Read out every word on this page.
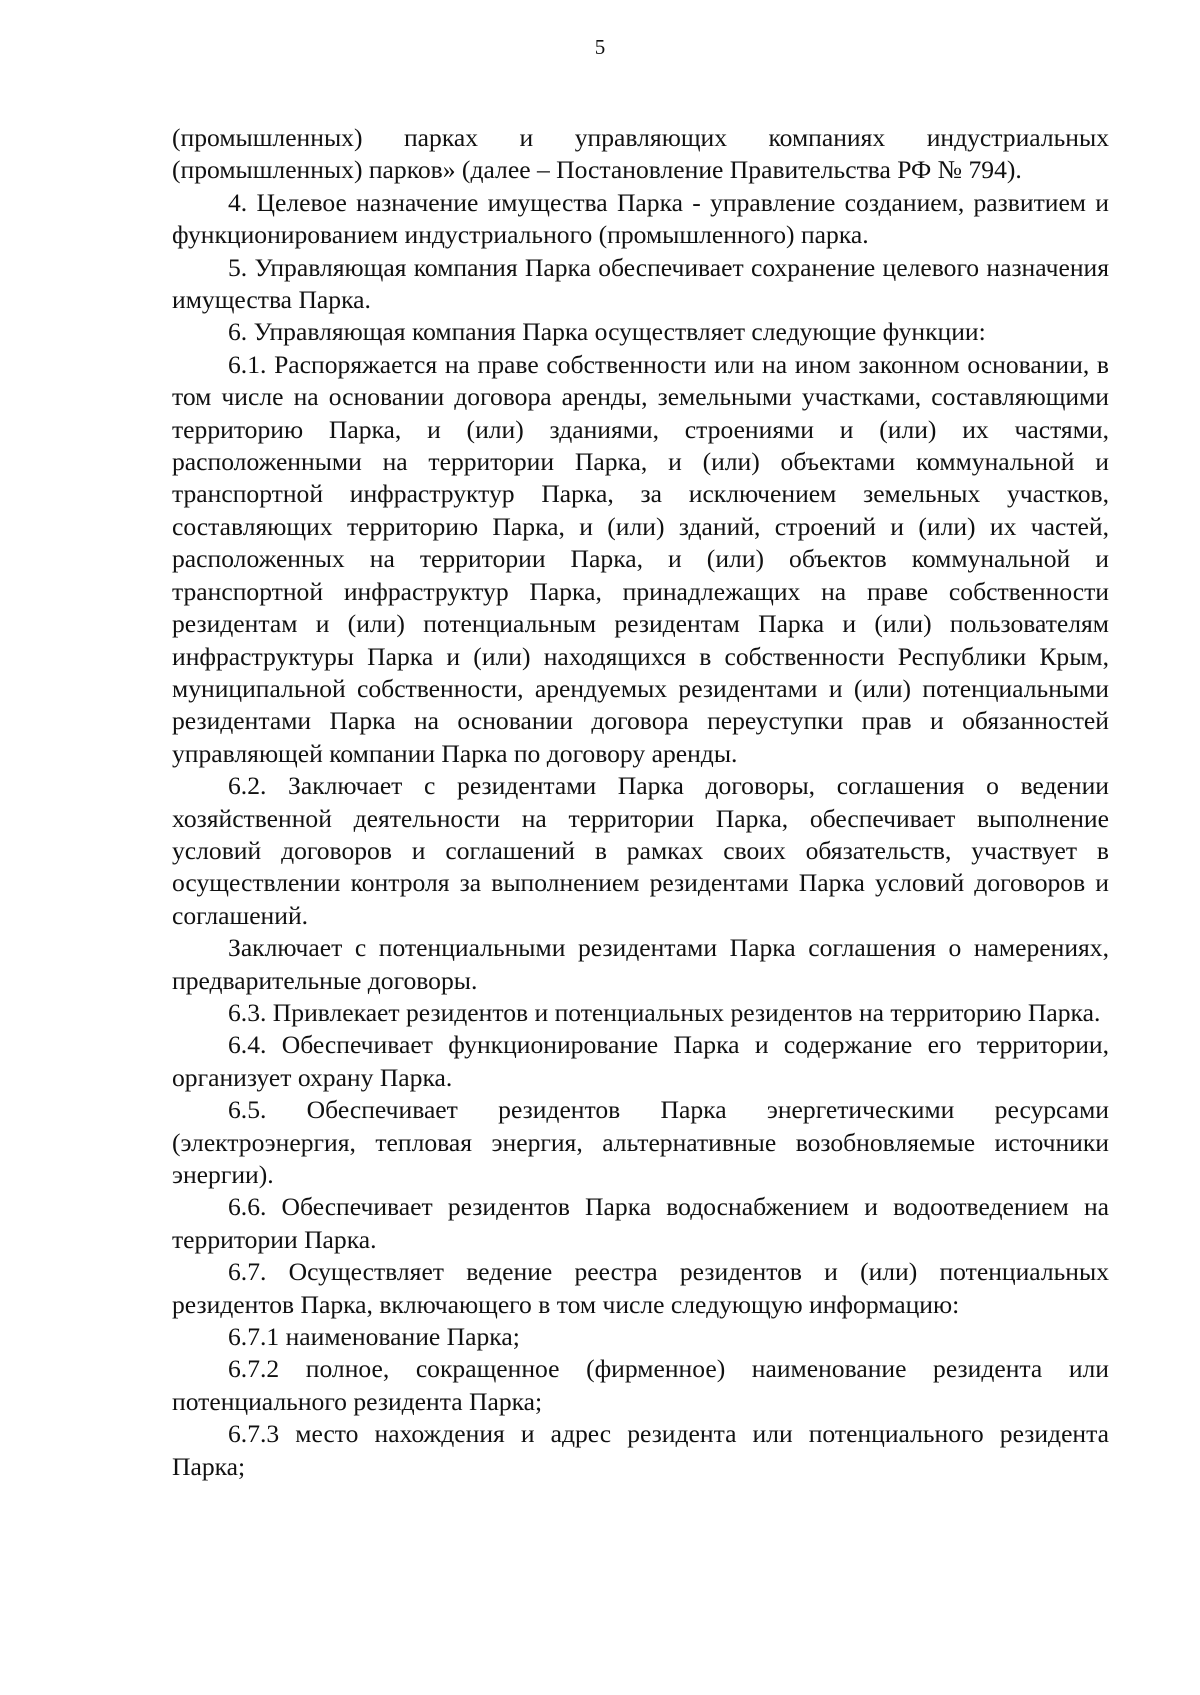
5

(промышленных) парках и управляющих компаниях индустриальных (промышленных) парков» (далее – Постановление Правительства РФ № 794).

4. Целевое назначение имущества Парка - управление созданием, развитием и функционированием индустриального (промышленного) парка.

5. Управляющая компания Парка обеспечивает сохранение целевого назначения имущества Парка.

6. Управляющая компания Парка осуществляет следующие функции:

6.1. Распоряжается на праве собственности или на ином законном основании, в том числе на основании договора аренды, земельными участками, составляющими территорию Парка, и (или) зданиями, строениями и (или) их частями, расположенными на территории Парка, и (или) объектами коммунальной и транспортной инфраструктур Парка, за исключением земельных участков, составляющих территорию Парка, и (или) зданий, строений и (или) их частей, расположенных на территории Парка, и (или) объектов коммунальной и транспортной инфраструктур Парка, принадлежащих на праве собственности резидентам и (или) потенциальным резидентам Парка и (или) пользователям инфраструктуры Парка и (или) находящихся в собственности Республики Крым, муниципальной собственности, арендуемых резидентами и (или) потенциальными резидентами Парка на основании договора переуступки прав и обязанностей управляющей компании Парка по договору аренды.

6.2. Заключает с резидентами Парка договоры, соглашения о ведении хозяйственной деятельности на территории Парка, обеспечивает выполнение условий договоров и соглашений в рамках своих обязательств, участвует в осуществлении контроля за выполнением резидентами Парка условий договоров и соглашений.

Заключает с потенциальными резидентами Парка соглашения о намерениях, предварительные договоры.

6.3. Привлекает резидентов и потенциальных резидентов на территорию Парка.

6.4. Обеспечивает функционирование Парка и содержание его территории, организует охрану Парка.

6.5. Обеспечивает резидентов Парка энергетическими ресурсами (электроэнергия, тепловая энергия, альтернативные возобновляемые источники энергии).

6.6. Обеспечивает резидентов Парка водоснабжением и водоотведением на территории Парка.

6.7. Осуществляет ведение реестра резидентов и (или) потенциальных резидентов Парка, включающего в том числе следующую информацию:

6.7.1 наименование Парка;

6.7.2 полное, сокращенное (фирменное) наименование резидента или потенциального резидента Парка;

6.7.3 место нахождения и адрес резидента или потенциального резидента Парка;
